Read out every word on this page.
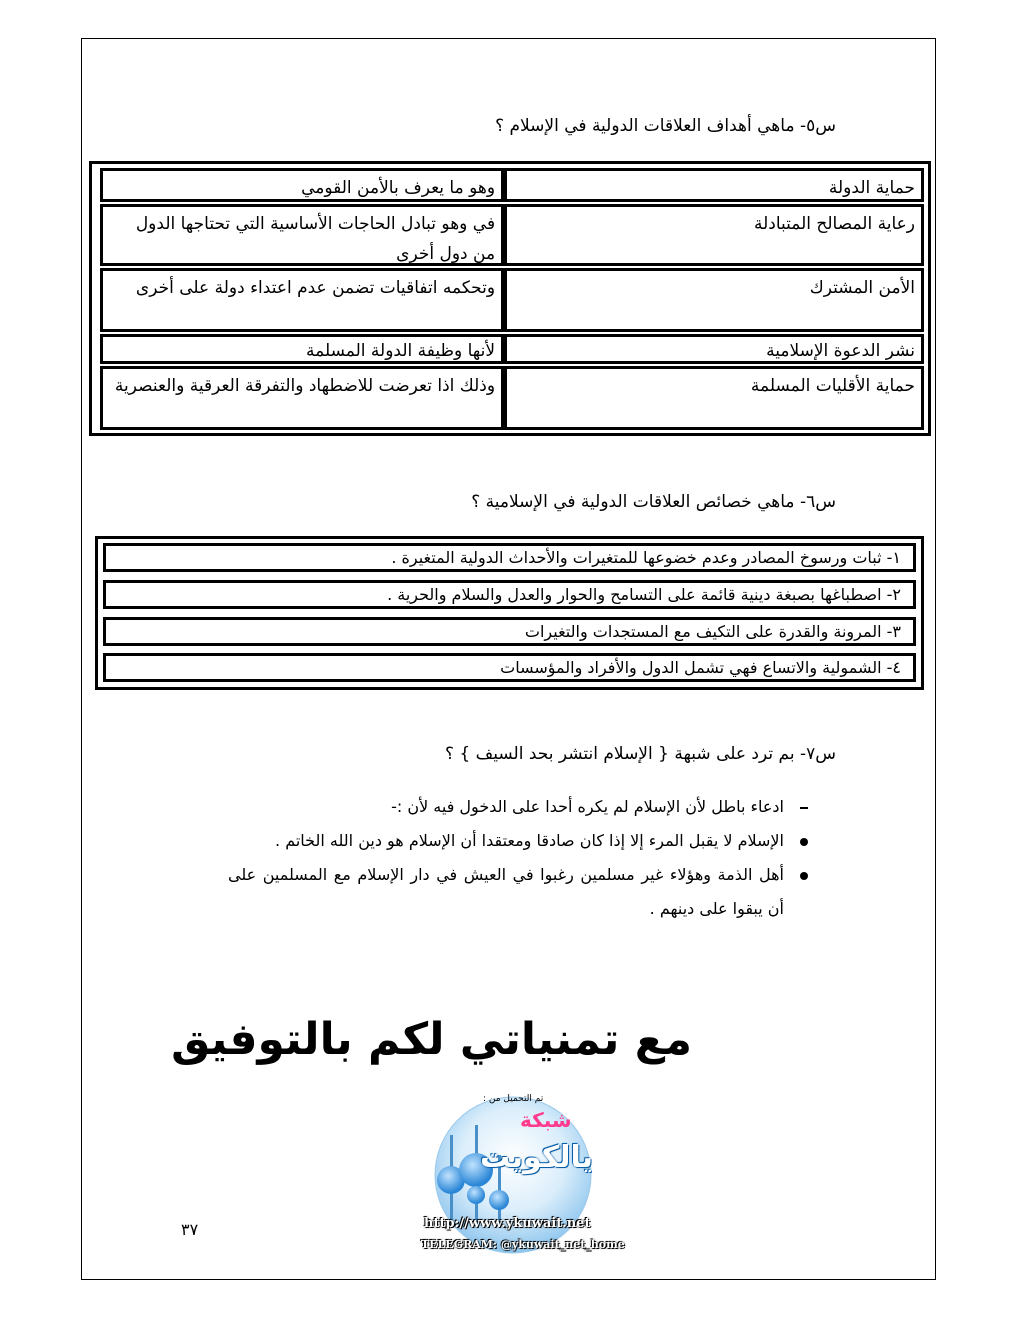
س٥- ماهي أهداف العلاقات الدولية في الإسلام ؟
حماية الدولة
وهو ما يعرف بالأمن القومي
رعاية المصالح المتبادلة
في وهو تبادل الحاجات الأساسية التي تحتاجها الدول من دول أخرى
الأمن المشترك
وتحكمه اتفاقيات تضمن عدم اعتداء دولة على أخرى
نشر الدعوة الإسلامية
لأنها وظيفة الدولة المسلمة
حماية الأقليات المسلمة
وذلك اذا تعرضت للاضطهاد والتفرقة العرقية والعنصرية
س٦- ماهي خصائص العلاقات الدولية في الإسلامية ؟
١- ثبات ورسوخ المصادر وعدم خضوعها للمتغيرات والأحداث الدولية المتغيرة .
٢- اصطباغها بصبغة دينية قائمة على التسامح والحوار والعدل والسلام والحرية .
٣- المرونة والقدرة على التكيف مع المستجدات والتغيرات
٤- الشمولية والاتساع فهي تشمل الدول والأفراد والمؤسسات
س٧- بم ترد على شبهة { الإسلام انتشر بحد السيف } ؟
ادعاء باطل لأن الإسلام لم يكره أحدا على الدخول فيه لأن :-
الإسلام لا يقبل المرء إلا إذا كان صادقا ومعتقدا أن الإسلام هو دين الله الخاتم .
أهل الذمة وهؤلاء غير مسلمين رغبوا في العيش في دار الإسلام مع المسلمين على أن يبقوا على دينهم .
مع تمنياتي لكم بالتوفيق
تم التحميل من :
شبكة
يالكويت
http://www.ykuwait.net
TELEGRAM: @ykuwait_net_home
٣٧
